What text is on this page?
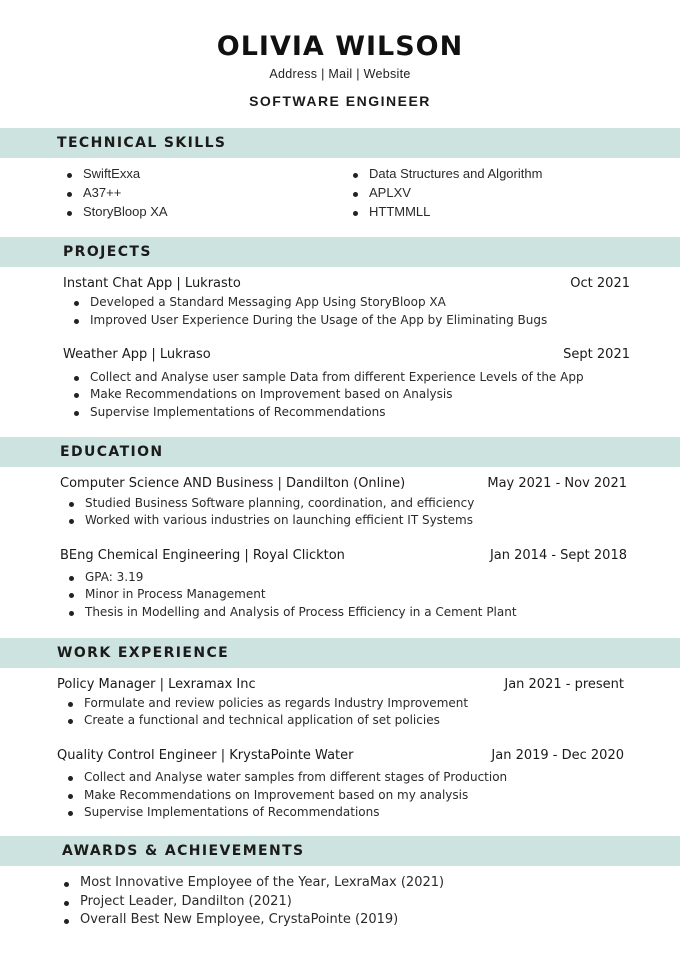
OLIVIA WILSON
Address | Mail | Website
SOFTWARE ENGINEER
TECHNICAL SKILLS
SwiftExxa
A37++
StoryBloop XA
Data Structures and Algorithm
APLXV
HTTMMLL
PROJECTS
Instant Chat App | Lukrasto	Oct 2021
Developed a Standard Messaging App Using StoryBloop XA
Improved User Experience During the Usage of the App by Eliminating Bugs
Weather App | Lukraso	Sept 2021
Collect and Analyse user sample Data from different Experience Levels of the App
Make Recommendations on Improvement based on Analysis
Supervise Implementations of Recommendations
EDUCATION
Computer Science AND Business | Dandilton (Online)	May 2021 - Nov 2021
Studied Business Software planning, coordination, and efficiency
Worked with various industries on launching efficient IT Systems
BEng Chemical Engineering | Royal Clickton	Jan 2014 - Sept 2018
GPA: 3.19
Minor in Process Management
Thesis in Modelling and Analysis of Process Efficiency in a Cement Plant
WORK EXPERIENCE
Policy Manager | Lexramax Inc	Jan 2021 - present
Formulate and review policies as regards Industry Improvement
Create a functional and technical application of set policies
Quality Control Engineer | KrystaPointe Water	Jan 2019 - Dec 2020
Collect and Analyse water samples from different stages of Production
Make Recommendations on Improvement based on my analysis
Supervise Implementations of Recommendations
AWARDS & ACHIEVEMENTS
Most Innovative Employee of the Year, LexraMax (2021)
Project Leader, Dandilton (2021)
Overall Best New Employee, CrystaPointe (2019)
